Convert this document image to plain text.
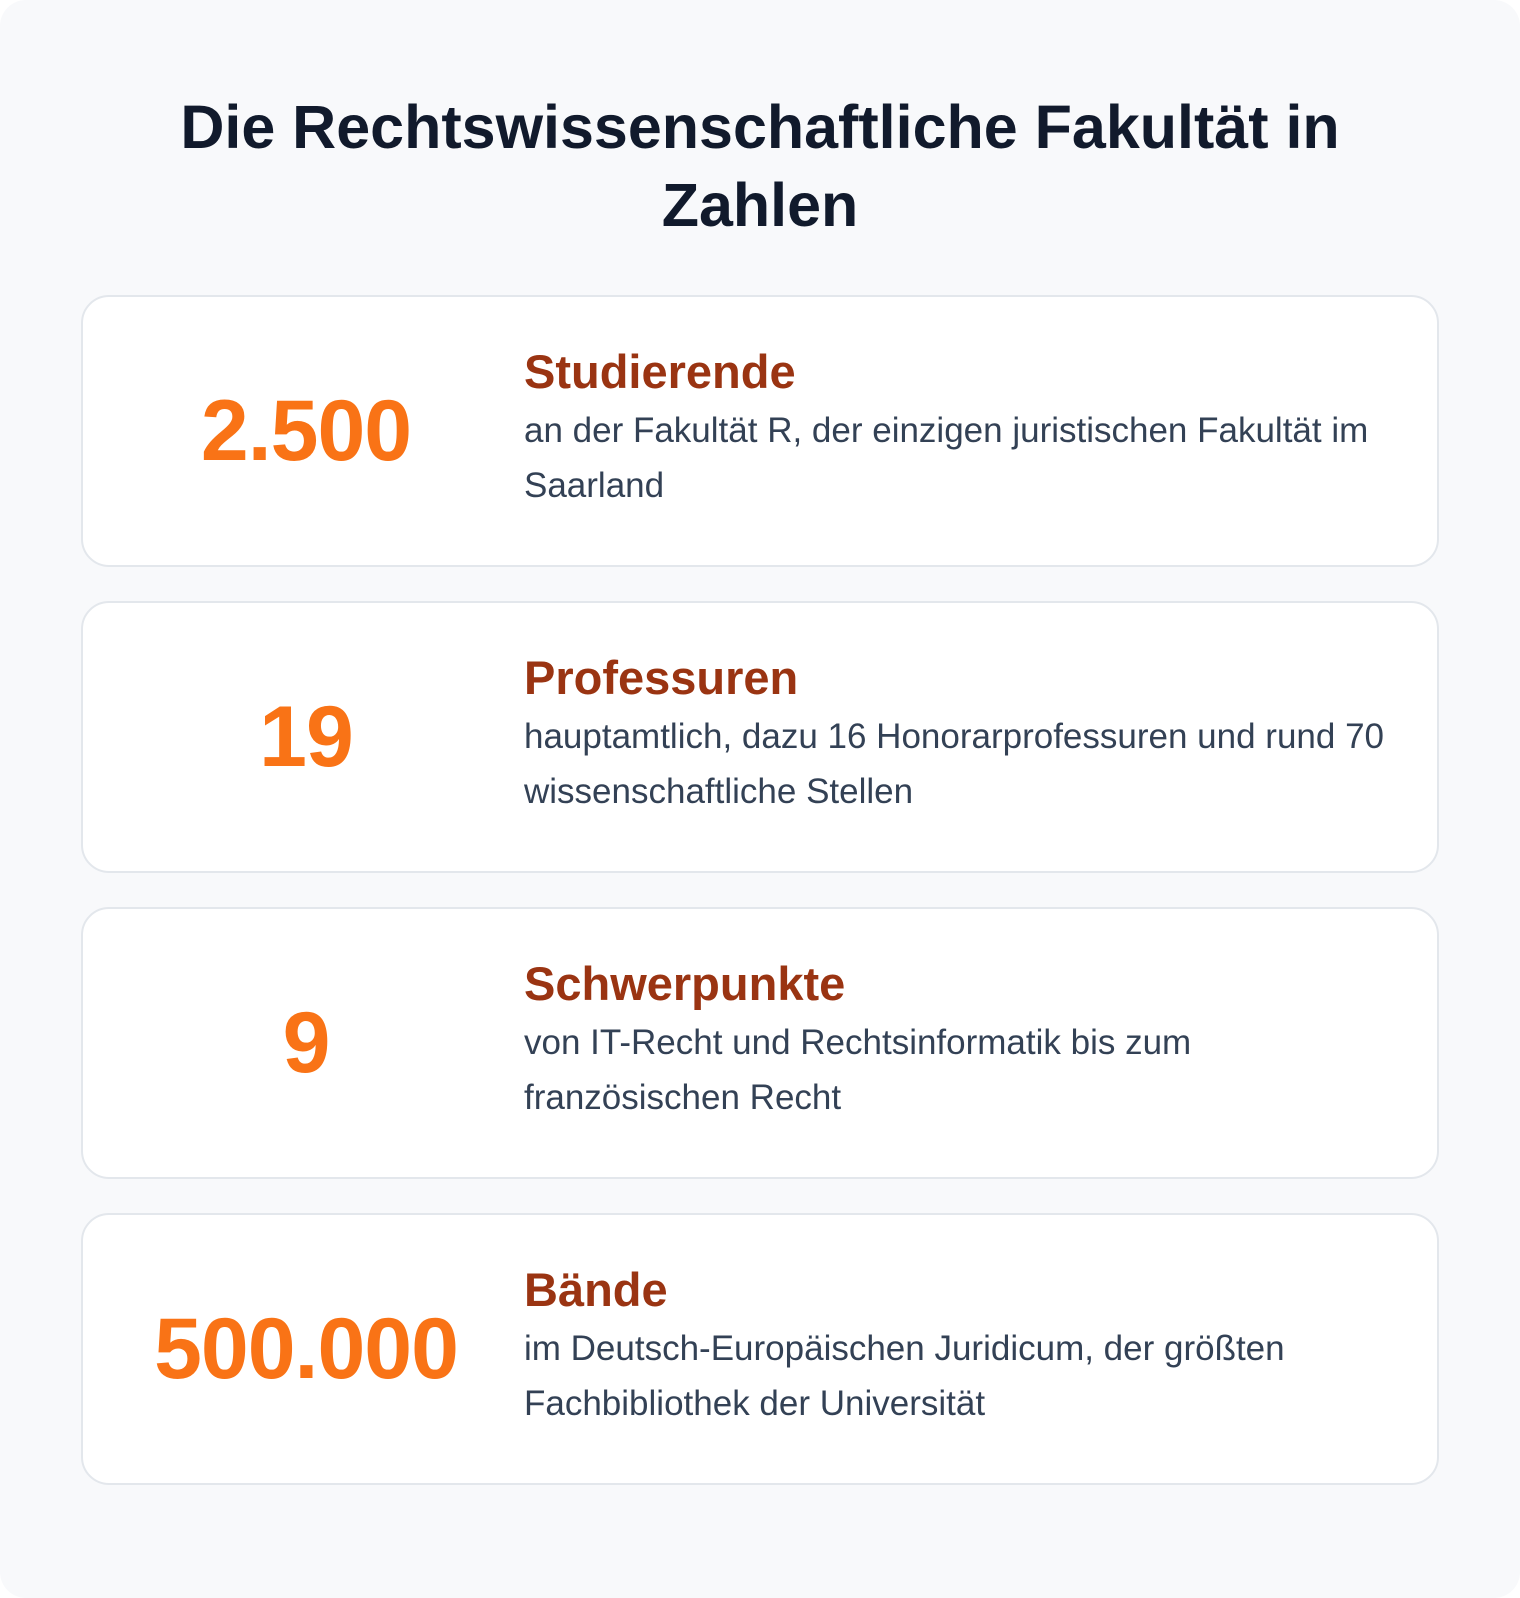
Die Rechtswissenschaftliche Fakultät in Zahlen
2.500

Studierende

an der Fakultät R, der einzigen juristischen Fakultät im Saarland

19

Professuren

hauptamtlich, dazu 16 Honorarprofessuren und rund 70 wissenschaftliche Stellen

9

Schwerpunkte

von IT-Recht und Rechtsinformatik bis zum französischen Recht

500.000

Bände

im Deutsch-Europäischen Juridicum, der größten Fachbibliothek der Universität
